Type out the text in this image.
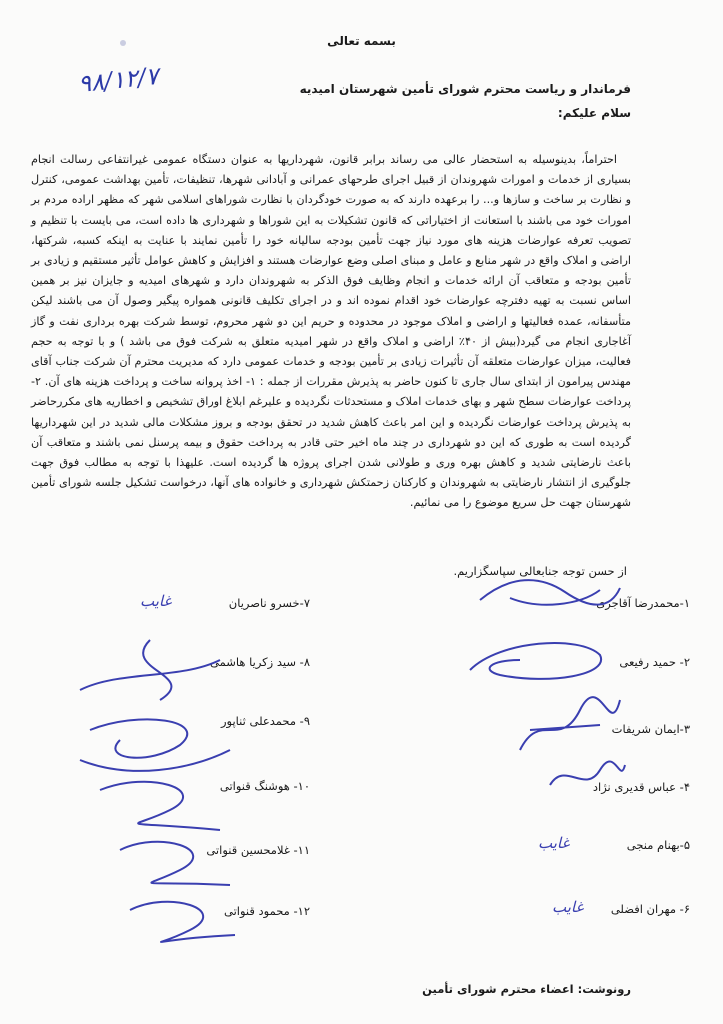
بسمه تعالی
۹۸/۱۲/۷	فرماندار و ریاست محترم شورای تأمین شهرستان امیدیه
سلام علیکم:

احتراماً، بدینوسیله به استحضار عالی می رساند برابر قانون، شهرداریها به عنوان دستگاه عمومی غیرانتفاعی رسالت انجام بسیاری از خدمات و امورات شهروندان از قبیل اجرای طرحهای عمرانی و آبادانی شهرها، تنظیفات، تأمین بهداشت عمومی، کنترل و نظارت بر ساخت و سازها و... را برعهده دارند که به صورت خودگردان با نظارت شوراهای اسلامی شهر که مظهر اراده مردم بر امورات خود می باشند با استعانت از اختیاراتی که قانون تشکیلات به این شوراها و شهرداری ها داده است، می بایست با تنظیم و تصویب تعرفه عوارضات هزینه های مورد نیاز جهت تأمین بودجه سالیانه خود را تأمین نمایند با عنایت به اینکه کسبه، شرکتها، اراضی و املاک واقع در شهر منابع و عامل و مبنای اصلی وضع عوارضات هستند و افزایش و کاهش عوامل تأثیر مستقیم و زیادی بر تأمین بودجه و متعاقب آن ارائه خدمات و انجام وظایف فوق الذکر به شهروندان دارد و شهرهای امیدیه و جایزان نیز بر همین اساس نسبت به تهیه دفترچه عوارضات خود اقدام نموده اند و در اجرای تکلیف قانونی همواره پیگیر وصول آن می باشند لیکن متأسفانه، عمده فعالیتها و اراضی و املاک موجود در محدوده و حریم این دو شهر محروم، توسط شرکت بهره برداری نفت و گاز آغاجاری انجام می گیرد(بیش از ۴۰٪ اراضی و املاک واقع در شهر امیدیه متعلق به شرکت فوق می باشد ) و با توجه به حجم فعالیت، میزان عوارضات متعلقه آن تأثیرات زیادی بر تأمین بودجه و خدمات عمومی دارد که مدیریت محترم آن شرکت جناب آقای مهندس پیرامون از ابتدای سال جاری تا کنون حاضر به پذیرش مقررات از جمله : ۱- اخذ پروانه ساخت و پرداخت هزینه های آن. ۲-پرداخت عوارضات سطح شهر و بهای خدمات املاک و مستحدثات نگردیده و علیرغم ابلاغ اوراق تشخیص و اخطاریه های مکررحاضر به پذیرش پرداخت عوارضات نگردیده و این امر باعث کاهش شدید در تحقق بودجه و بروز مشکلات مالی شدید در این شهرداریها گردیده است به طوری که این دو شهرداری در چند ماه اخیر حتی قادر به پرداخت حقوق و بیمه پرسنل نمی باشند و متعاقب آن باعث نارضایتی شدید و کاهش بهره وری و طولانی شدن اجرای پروژه ها گردیده است. علیهذا با توجه به مطالب فوق جهت جلوگیری از انتشار نارضایتی به شهروندان و کارکنان زحمتکش شهرداری و خانواده های آنها، درخواست تشکیل جلسه شورای تأمین شهرستان جهت حل سریع موضوع را می نمائیم.

از حسن توجه جنابعالی سپاسگزاریم.
۱-محمدرضا آقاجری
۲- حمید رفیعی
۳-ایمان شریفات
۴- عباس قدیری نژاد
۵-بهنام منجی
۶- مهران افضلی
۷-خسرو ناصریان
۸- سید زکریا هاشمی
۹- محمدعلی ثناپور
۱۰- هوشنگ قنواتی
۱۱- غلامحسین قنواتی
۱۲- محمود قنواتی
غایب
غایب
غایب
رونوشت: اعضاء محترم شورای تأمین
